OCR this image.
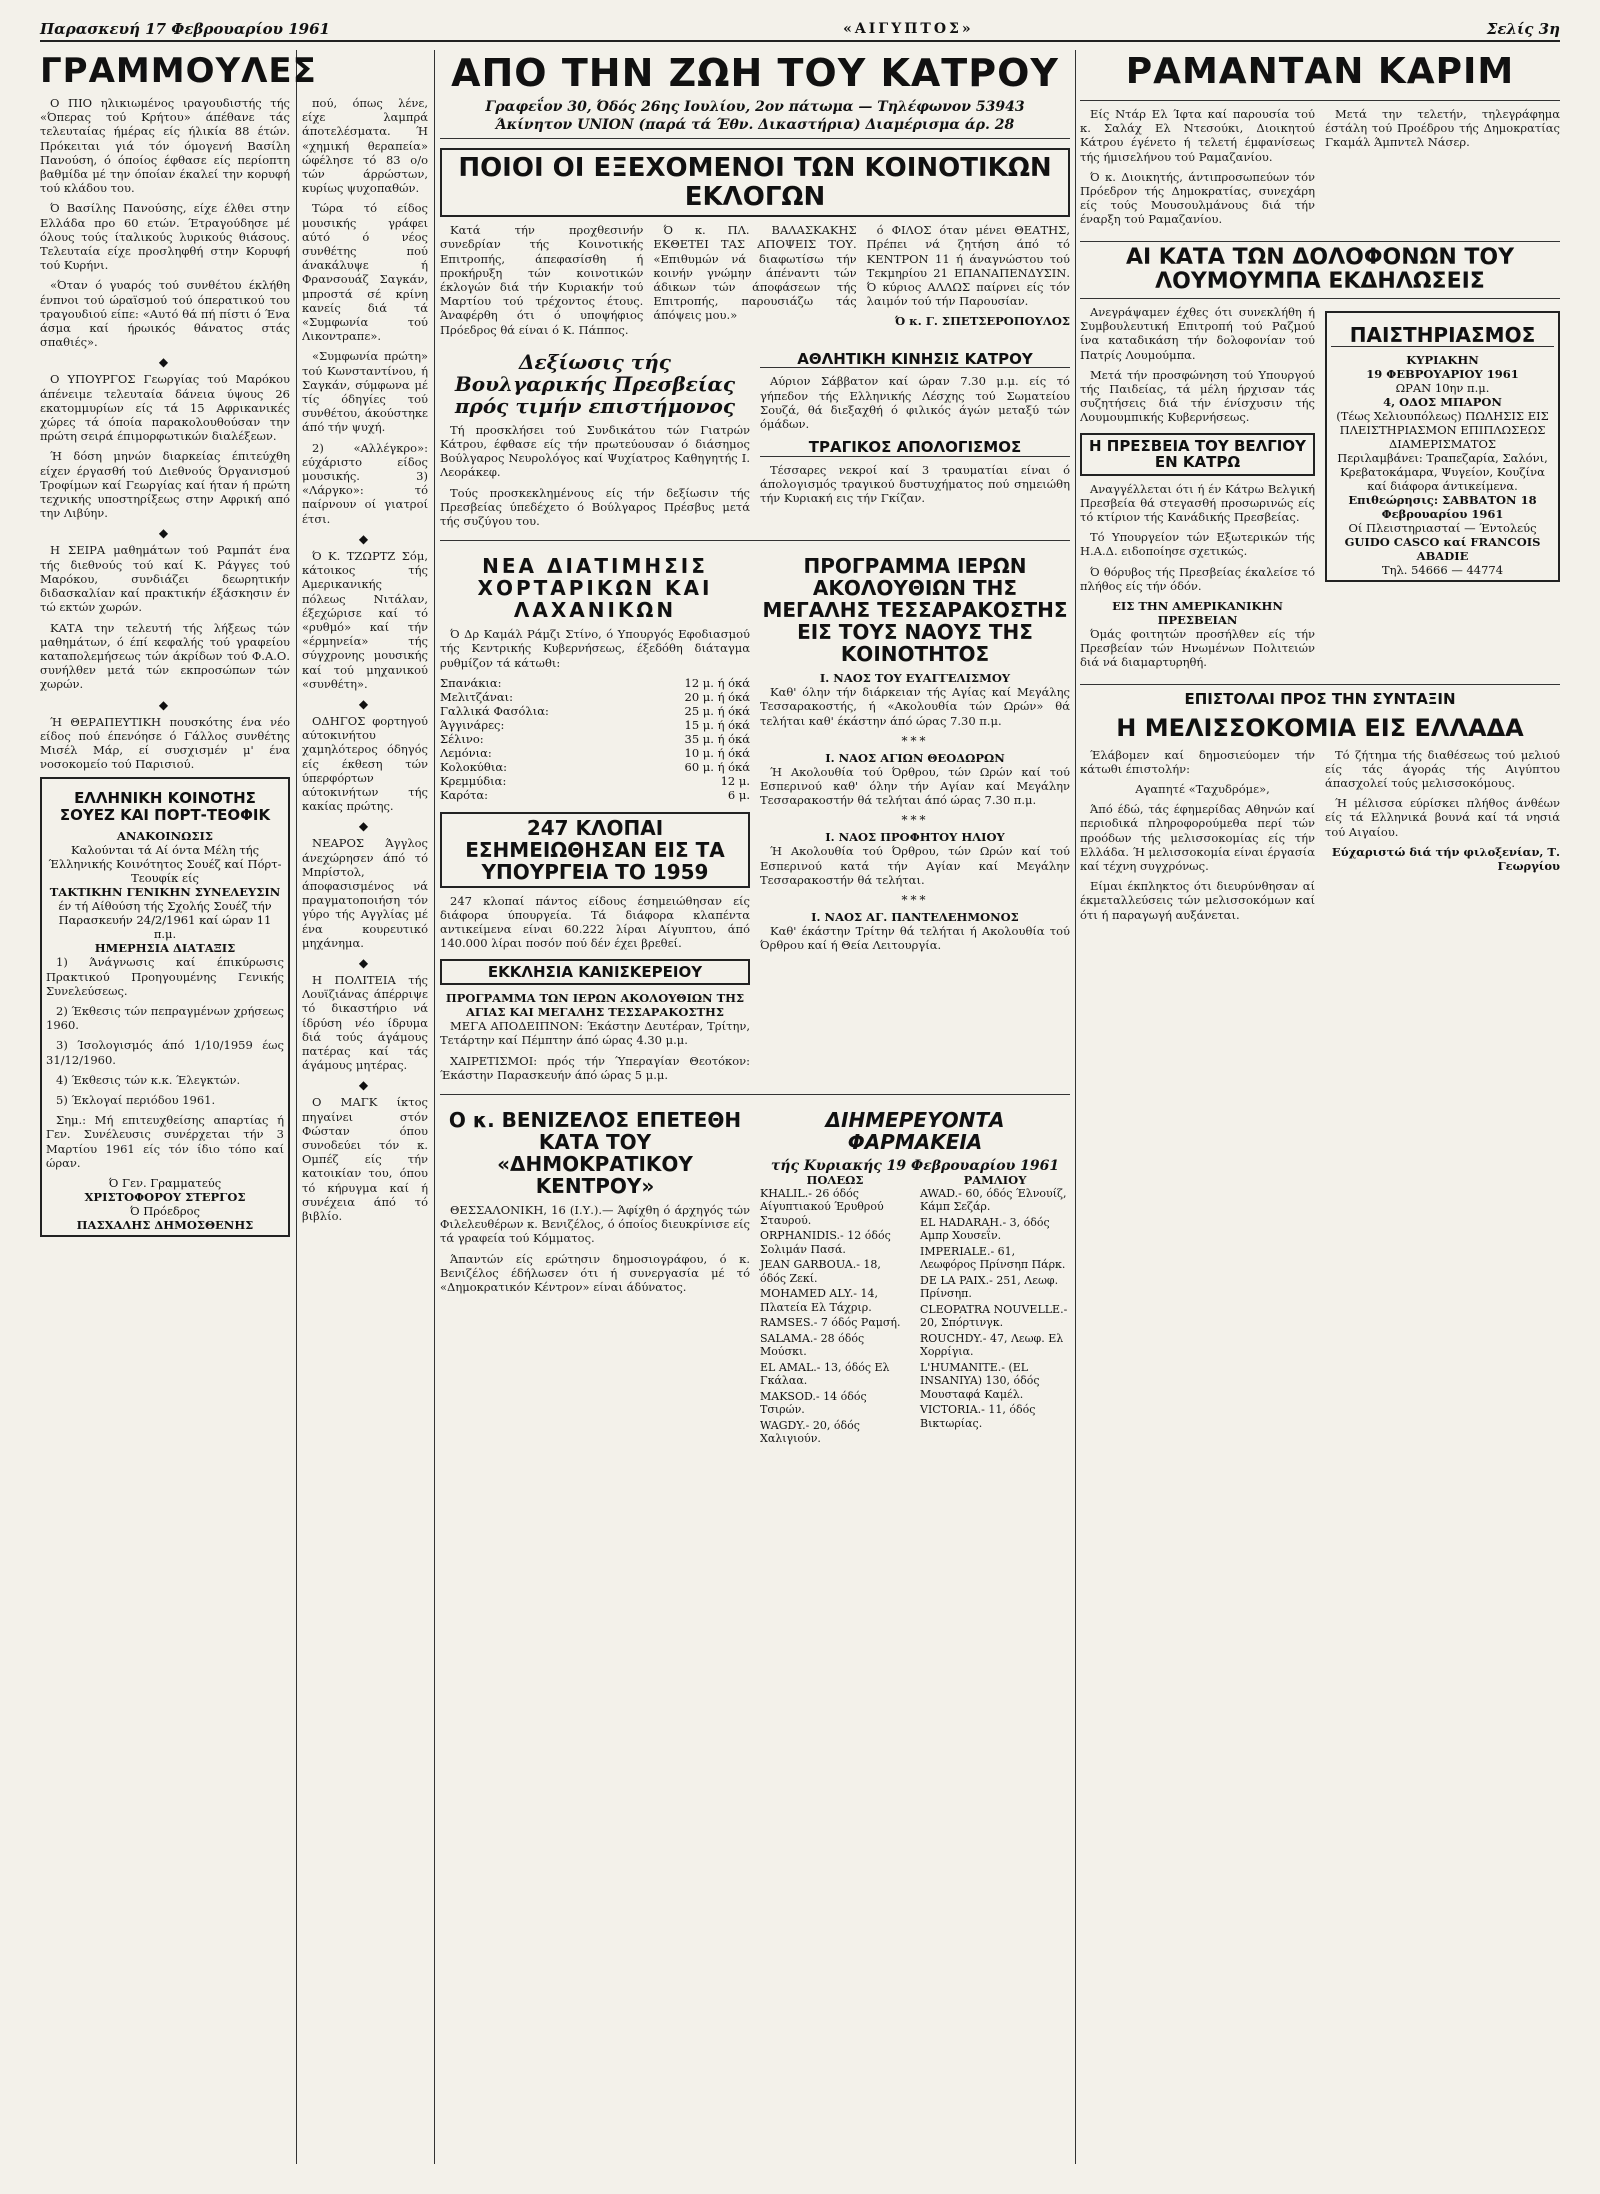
Παρασκευή 17 Φεβρουαρίου 1961	«ΑΙΓΥΠΤΟΣ»	Σελίς 3η
ΓΡΑΜΜΟΥΛΕΣ

Ο ΠΙΟ ηλικιωμένος ιραγουδιστής τής «Όπερας τού Κρήτου» άπέθανε τάς τελευταίας ήμέρας είς ήλικία 88 έτών. Πρόκειται γιά τόν όμογενή Βασίλη Πανούση, ό όποίος έφθασε είς περίοπτη βαθμίδα μέ την όποίαν έκαλεί την κορυφή τού κλάδου του.

Ό Βασίλης Πανούσης, είχε έλθει στην Ελλάδα προ 60 ετών. Έτραγούδησε μέ όλους τούς ίταλικούς λυρικούς θιάσους. Τελευταία είχε προσληφθή στην Κορυφή τού Κυρήνι.

«Όταν ό γυαρός τού συνθέτου έκλήθη ένπνοι τού ώραϊσμού τού όπερατικού του τραγουδιού είπε: «Αυτό θά πή πίστι ό Ένα άσμα καί ήρωικός θάνατος στάς σπαθιές».

◆

Ο ΥΠΟΥΡΓΟΣ Γεωργίας τού Μαρόκου άπένειμε τελευταία δάνεια ύψους 26 εκατομμυρίων είς τά 15 Αφρικανικές χώρες τά όποία παρακολουθούσαν την πρώτη σειρά έπιμορφωτικών διαλέξεων.

Ή δόση μηνών διαρκείας έπιτεύχθη είχεν έργασθή τού Διεθνούς Όργανισμού Τροφίμων καί Γεωργίας καί ήταν ή πρώτη τεχνικής υποστηρίξεως στην Αφρική από την Λιβύην.

◆

Η ΣΕΙΡΑ μαθημάτων τού Ραμπάτ ένα τής διεθνούς τού καί Κ. Ράγγες τού Μαρόκου, συνδιάζει δεωρητικήν διδασκαλίαν καί πρακτικήν έξάσκησιν έν τώ εκτών χωρών.

ΚΑΤΑ την τελευτή τής λήξεως τών μαθημάτων, ό έπί κεφαλής τού γραφείου καταπολεμήσεως τών άκρίδων τού Φ.Α.Ο. συνήλθεν μετά τών εκπροσώπων τών χωρών.

◆

Ή ΘΕΡΑΠΕΥΤΙΚΗ πουσκότης ένα νέο είδος πού έπενόησε ό Γάλλος συνθέτης Μισέλ Μάρ, εί συσχισμέν μ' ένα νοσοκομείο τού Παρισιού.

ΕΛΛΗΝΙΚΗ ΚΟΙΝΟΤΗΣ ΣΟΥΕΖ ΚΑΙ ΠΟΡΤ-ΤΕΟΦΙΚ
ΑΝΑΚΟΙΝΩΣΙΣ

Καλούνται τά Αί όντα Μέλη τής Έλληνικής Κοινότητος Σουέζ καί Πόρτ-Τεουφίκ είς

ΤΑΚΤΙΚΗΝ ΓΕΝΙΚΗΝ ΣΥΝΕΛΕΥΣΙΝ

έν τή Αίθούση τής Σχολής Σουέζ τήν Παρασκευήν 24/2/1961 καί ώραν 11 π.μ.

ΗΜΕΡΗΣΙΑ ΔΙΑΤΑΞΙΣ

1) Άνάγνωσις καί έπικύρωσις Πρακτικού Προηγουμένης Γενικής Συνελεύσεως.

2) Έκθεσις τών πεπραγμένων χρήσεως 1960.

3) Ίσολογισμός άπό 1/10/1959 έως 31/12/1960.

4) Έκθεσις τών κ.κ. Έλεγκτών.

5) Έκλογαί περιόδου 1961.

Σημ.: Μή επιτευχθείσης απαρτίας ή Γεν. Συνέλευσις συνέρχεται τήν 3 Μαρτίου 1961 είς τόν ίδιο τόπο καί ώραν.

Ό Γεν. Γραμματεύς

ΧΡΙΣΤΟΦΟΡΟΥ ΣΤΕΡΓΟΣ

Ό Πρόεδρος

ΠΑΣΧΑΛΗΣ ΔΗΜΟΣΘΕΝΗΣ

πού, όπως λένε, είχε λαμπρά άποτελέσματα. Ή «χημική θεραπεία» ώφέλησε τό 83 ο/ο τών άρρώστων, κυρίως ψυχοπαθών.

Τώρα τό είδος μουσικής γράφει αύτό ό νέος συνθέτης πού άνακάλυψε ή Φρανσουάζ Σαγκάν, μπροστά σέ κρίνη κανείς διά τά «Συμφωνία τού Λικοντραπε».

«Συμφωνία πρώτη» τού Κωνσταντίνου, ή Σαγκάν, σύμφωνα μέ τίς όδηγίες τού συνθέτου, άκούστηκε άπό τήν ψυχή.

2) «Αλλέγκρο»: εύχάριστο είδος μουσικής. 3) «Λάργκο»: τό παίρνουν οί γιατροί έτσι.

◆

Ό Κ. ΤΖΩΡΤΖ Σόμ, κάτοικος τής Αμερικανικής πόλεως Νιτάλαν, έξεχώρισε καί τό «ρυθμό» καί τήν «έρμηνεία» τής σύγχρονης μουσικής καί τού μηχανικού «συνθέτη».

◆

ΟΔΗΓΟΣ φορτηγού αύτοκινήτου χαμηλότερος όδηγός είς έκθεση τών ύπερφόρτων αύτοκινήτων τής κακίας πρώτης.

◆

ΝΕΑΡΟΣ Άγγλος άνεχώρησεν άπό τό Μπρίστολ, άποφασισμένος νά πραγματοποιήση τόν γύρο τής Αγγλίας μέ ένα κουρευτικό μηχάνημα.

◆

Η ΠΟΛΙΤΕΙΑ τής Λουϊζιάνας άπέρριψε τό δικαστήριο νά ίδρύση νέο ίδρυμα διά τούς άγάμους πατέρας καί τάς άγάμους μητέρας.

◆

Ο ΜΑΓΚ ίκτος πηγαίνει στόν Φώσταν όπου συνοδεύει τόν κ. Ομπέζ είς τήν κατοικίαν του, όπου τό κήρυγμα καί ή συνέχεια άπό τό βιβλίο.

ΑΠΟ ΤΗΝ ΖΩΗ ΤΟΥ ΚΑΤΡΟΥ
Γραφεΐον 30, Όδός 26ης Ιουλίου, 2ον πάτωμα — Τηλέφωνον 53943
Άκίνητον UNION (παρά τά Έθν. Δικαστήρια) Διαμέρισμα άρ. 28
ΠΟΙΟΙ ΟΙ ΕΞΕΧΟΜΕΝΟΙ ΤΩΝ ΚΟΙΝΟΤΙΚΩΝ ΕΚΛΟΓΩΝ

Κατά τήν προχθεσινήν συνεδρίαν τής Κοινοτικής Επιτροπής, άπεφασίσθη ή προκήρυξη τών κοινοτικών έκλογών διά τήν Κυριακήν τού Μαρτίου τού τρέχοντος έτους. Άναφέρθη ότι ό υποψήφιος Πρόεδρος θά είναι ό Κ. Πάππος.

Ό κ. ΠΛ. ΒΑΛΑΣΚΑΚΗΣ ΕΚΘΕΤΕΙ ΤΑΣ ΑΠΟΨΕΙΣ ΤΟΥ. «Επιθυμών νά διαφωτίσω τήν κοινήν γνώμην άπέναντι τών άδικων τών άποφάσεων τής Επιτροπής, παρουσιάζω τάς άπόψεις μου.»

ό ΦΙΛΟΣ όταν μένει ΘΕΑΤΗΣ, Πρέπει νά ζητήση άπό τό ΚΕΝΤΡΟΝ 11 ή άναγνώστου τού Τεκμηρίου 21 ΕΠΑΝΑΠΕΝΔΥΣΙΝ. Ό κύριος ΑΛΛΩΣ παίρνει είς τόν λαιμόν τού τήν Παρουσίαν.

Ό κ. Γ. ΣΠΕΤΣΕΡΟΠΟΥΛΟΣ

Δεξίωσις τής Βουλγαρικής Πρεσβείας πρός τιμήν επιστήμονος

Τή προσκλήσει τού Συνδικάτου τών Γιατρών Κάτρου, έφθασε είς τήν πρωτεύουσαν ό διάσημος Βούλγαρος Νευρολόγος καί Ψυχίατρος Καθηγητής Ι. Λεοράκεφ.

Τούς προσκεκλημένους είς τήν δεξίωσιν τής Πρεσβείας ύπεδέχετο ό Βούλγαρος Πρέσβυς μετά τής συζύγου του.

ΑΘΛΗΤΙΚΗ ΚΙΝΗΣΙΣ ΚΑΤΡΟΥ

Αύριον Σάββατον καί ώραν 7.30 μ.μ. είς τό γήπεδον τής Ελληνικής Λέσχης τού Σωματείου Σουζά, θά διεξαχθή ό φιλικός άγών μεταξύ τών όμάδων.

ΤΡΑΓΙΚΟΣ ΑΠΟΛΟΓΙΣΜΟΣ

Τέσσαρες νεκροί καί 3 τραυματίαι είναι ό άπολογισμός τραγικού δυστυχήματος πού σημειώθη τήν Κυριακή εις τήν Γκίζαν.

ΝΕΑ ΔΙΑΤΙΜΗΣΙΣ ΧΟΡΤΑΡΙΚΩΝ ΚΑΙ ΛΑΧΑΝΙΚΩΝ

Ό Δρ Καμάλ Ράμζι Στίνο, ό Υπουργός Εφοδιασμού τής Κεντρικής Κυβερνήσεως, έξεδόθη διάταγμα ρυθμίζον τά κάτωθι:

Σπανάκια:	12 μ. ή όκά
Μελιτζάναι:	20 μ. ή όκά
Γαλλικά Φασόλια:	25 μ. ή όκά
Άγγινάρες:	15 μ. ή όκά
Σέλινο:	35 μ. ή όκά
Λεμόνια:	10 μ. ή όκά
Κολοκύθια:	60 μ. ή όκά
Κρεμμύδια:	12 μ.
Καρότα:	6 μ.
247 ΚΛΟΠΑΙ ΕΣΗΜΕΙΩΘΗΣΑΝ ΕΙΣ ΤΑ ΥΠΟΥΡΓΕΙΑ ΤΟ 1959

247 κλοπαί πάντος είδους έσημειώθησαν είς διάφορα ύπουργεία. Τά διάφορα κλαπέντα αντικείμενα είναι 60.222 λίραι Αίγυπτου, άπό 140.000 λίραι ποσόν πού δέν έχει βρεθεί.

ΕΚΚΛΗΣΙΑ ΚΑΝΙΣΚΕΡΕΙΟΥ

ΠΡΟΓΡΑΜΜΑ ΤΩΝ ΙΕΡΩΝ ΑΚΟΛΟΥΘΙΩΝ ΤΗΣ ΑΓΙΑΣ ΚΑΙ ΜΕΓΑΛΗΣ ΤΕΣΣΑΡΑΚΟΣΤΗΣ

ΜΕΓΑ ΑΠΟΔΕΙΠΝΟΝ: Έκάστην Δευτέραν, Τρίτην, Τετάρτην καί Πέμπτην άπό ώρας 4.30 μ.μ.

ΧΑΙΡΕΤΙΣΜΟΙ: πρός τήν Ύπεραγίαν Θεοτόκον: Έκάστην Παρασκευήν άπό ώρας 5 μ.μ.

ΠΡΟΓΡΑΜΜΑ ΙΕΡΩΝ ΑΚΟΛΟΥΘΙΩΝ ΤΗΣ ΜΕΓΑΛΗΣ ΤΕΣΣΑΡΑΚΟΣΤΗΣ ΕΙΣ ΤΟΥΣ ΝΑΟΥΣ ΤΗΣ ΚΟΙΝΟΤΗΤΟΣ

Ι. ΝΑΟΣ ΤΟΥ ΕΥΑΓΓΕΛΙΣΜΟΥ

Καθ' όλην τήν διάρκειαν τής Αγίας καί Μεγάλης Τεσσαρακοστής, ή «Ακολουθία τών Ωρών» θά τελήται καθ' έκάστην άπό ώρας 7.30 π.μ.

***

Ι. ΝΑΟΣ ΑΓΙΩΝ ΘΕΟΔΩΡΩΝ

Ή Ακολουθία τού Όρθρου, τών Ωρών καί τού Εσπερινού καθ' όλην τήν Αγίαν καί Μεγάλην Τεσσαρακοστήν θά τελήται άπό ώρας 7.30 π.μ.

***

Ι. ΝΑΟΣ ΠΡΟΦΗΤΟΥ ΗΛΙΟΥ

Ή Ακολουθία τού Όρθρου, τών Ωρών καί τού Εσπερινού κατά τήν Αγίαν καί Μεγάλην Τεσσαρακοστήν θά τελήται.

***

Ι. ΝΑΟΣ ΑΓ. ΠΑΝΤΕΛΕΗΜΟΝΟΣ

Καθ' έκάστην Τρίτην θά τελήται ή Ακολουθία τού Όρθρου καί ή Θεία Λειτουργία.

Ο κ. ΒΕΝΙΖΕΛΟΣ ΕΠΕΤΕΘΗ ΚΑΤΑ ΤΟΥ «ΔΗΜΟΚΡΑΤΙΚΟΥ ΚΕΝΤΡΟΥ»

ΘΕΣΣΑΛΟΝΙΚΗ, 16 (Ι.Υ.).— Άφίχθη ό άρχηγός τών Φιλελευθέρων κ. Βενιζέλος, ό όποίος διευκρίνισε είς τά γραφεία τού Κόμματος.

Άπαντών είς ερώτησιν δημοσιογράφου, ό κ. Βενιζέλος έδήλωσεν ότι ή συνεργασία μέ τό «Δημοκρατικόν Κέντρον» είναι άδύνατος.

ΔΙΗΜΕΡΕΥΟΝΤΑ ΦΑΡΜΑΚΕΙΑ

τής Κυριακής 19 Φεβρουαρίου 1961

ΠΟΛΕΩΣ

KHALIL.- 26 όδός Αίγυπτιακού Έρυθρού Σταυρού.

ORPHANIDIS.- 12 όδός Σολιμάν Πασά.

JEAN GARBOUA.- 18, όδός Ζεκί.

MOHAMED ALY.- 14, Πλατεία Ελ Τάχριρ.

RAMSES.- 7 όδός Ραμσή.

SALAMA.- 28 όδός Μούσκι.

EL AMAL.- 13, όδός Ελ Γκάλαα.

MAKSOD.- 14 όδός Τσιρών.

WAGDY.- 20, όδός Χαλιγιούν.

ΡΑΜΛΙΟΥ

AWAD.- 60, όδός Έλνουίζ, Κάμπ Σεζάρ.

EL HADARAH.- 3, όδός Αμπρ Χουσεΐν.

IMPERIALE.- 61, Λεωφόρος Πρίνσηπ Πάρκ.

DE LA PAIX.- 251, Λεωφ. Πρίνσηπ.

CLEOPATRA NOUVELLE.- 20, Σπόρτινγκ.

ROUCHDY.- 47, Λεωφ. Ελ Χορρίγια.

L'HUMANITE.- (EL INSANIYA) 130, όδός Μουσταφά Καμέλ.

VICTORIA.- 11, όδός Βικτωρίας.

ΡΑΜΑΝΤΑΝ ΚΑΡΙΜ

Είς Ντάρ Ελ Ίφτα καί παρουσία τού κ. Σαλάχ Ελ Ντεσούκι, Διοικητού Κάτρου έγένετο ή τελετή έμφανίσεως τής ήμισελήνου τού Ραμαζανίου.

Ό κ. Διοικητής, άντιπροσωπεύων τόν Πρόεδρον τής Δημοκρατίας, συνεχάρη είς τούς Μουσουλμάνους διά τήν έναρξη τού Ραμαζανίου.

Μετά την τελετήν, τηλεγράφημα έστάλη τού Προέδρου τής Δημοκρατίας Γκαμάλ Άμπντελ Νάσερ.

ΑΙ ΚΑΤΑ ΤΩΝ ΔΟΛΟΦΟΝΩΝ ΤΟΥ ΛΟΥΜΟΥΜΠΑ ΕΚΔΗΛΩΣΕΙΣ

Ανεγράψαμεν έχθες ότι συνεκλήθη ή Συμβουλευτική Επιτροπή τού Ραζμού ίνα καταδικάση τήν δολοφονίαν τού Πατρίς Λουμούμπα.

Μετά τήν προσφώνηση τού Υπουργού τής Παιδείας, τά μέλη ήρχισαν τάς συζητήσεις διά τήν ένίσχυσιν τής Λουμουμπικής Κυβερνήσεως.

Η ΠΡΕΣΒΕΙΑ ΤΟΥ ΒΕΛΓΙΟΥ ΕΝ ΚΑΤΡΩ

Αναγγέλλεται ότι ή έν Κάτρω Βελγική Πρεσβεία θά στεγασθή προσωρινώς είς τό κτίριον τής Κανάδικής Πρεσβείας.

Τό Υπουργείον τών Εξωτερικών τής Η.Α.Δ. ειδοποίησε σχετικώς.

Ό θόρυβος τής Πρεσβείας έκαλείσε τό πλήθος είς τήν όδόν.

ΕΙΣ ΤΗΝ ΑΜΕΡΙΚΑΝΙΚΗΝ ΠΡΕΣΒΕΙΑΝ

Όμάς φοιτητών προσήλθεν είς τήν Πρεσβείαν τών Ηνωμένων Πολιτειών διά νά διαμαρτυρηθή.

ΠΑΙΣΤΗΡΙΑΣΜΟΣ

ΚΥΡΙΑΚΗΝ

19 ΦΕΒΡΟΥΑΡΙΟΥ 1961

ΩΡΑΝ 10ην π.μ.

4, ΟΔΟΣ ΜΠΑΡΟΝ

(Τέως Χελιουπόλεως) ΠΩΛΗΣΙΣ ΕΙΣ ΠΛΕΙΣΤΗΡΙΑΣΜΟΝ ΕΠΙΠΛΩΣΕΩΣ ΔΙΑΜΕΡΙΣΜΑΤΟΣ

Περιλαμβάνει: Τραπεζαρία, Σαλόνι, Κρεβατοκάμαρα, Ψυγείον, Κουζίνα καί διάφορα άντικείμενα.

Επιθεώρησις: ΣΑΒΒΑΤΟΝ 18 Φεβρουαρίου 1961

Οί Πλειστηριασταί — Έντολεύς

GUIDO CASCO καί FRANCOIS ABADIE

Τηλ. 54666 — 44774

ΕΠΙΣΤΟΛΑΙ ΠΡΟΣ ΤΗΝ ΣΥΝΤΑΞΙΝ
Η ΜΕΛΙΣΣΟΚΟΜΙΑ ΕΙΣ ΕΛΛΑΔΑ

Έλάβομεν καί δημοσιεύομεν τήν κάτωθι έπιστολήν:

Αγαπητέ «Ταχυδρόμε»,

Άπό έδώ, τάς έφημερίδας Αθηνών καί περιοδικά πληροφορούμεθα περί τών προόδων τής μελισσοκομίας είς τήν Ελλάδα. Ή μελισσοκομία είναι έργασία καί τέχνη συγχρόνως.

Είμαι έκπληκτος ότι διευρύνθησαν αί έκμεταλλεύσεις τών μελισσοκόμων καί ότι ή παραγωγή αυξάνεται.

Τό ζήτημα τής διαθέσεως τού μελιού είς τάς άγοράς τής Αιγύπτου άπασχολεί τούς μελισσοκόμους.

Ή μέλισσα εύρίσκει πλήθος άνθέων είς τά Ελληνικά βουνά καί τά νησιά τού Αιγαίου.

Εύχαριστώ διά τήν φιλοξενίαν, Τ. Γεωργίου
